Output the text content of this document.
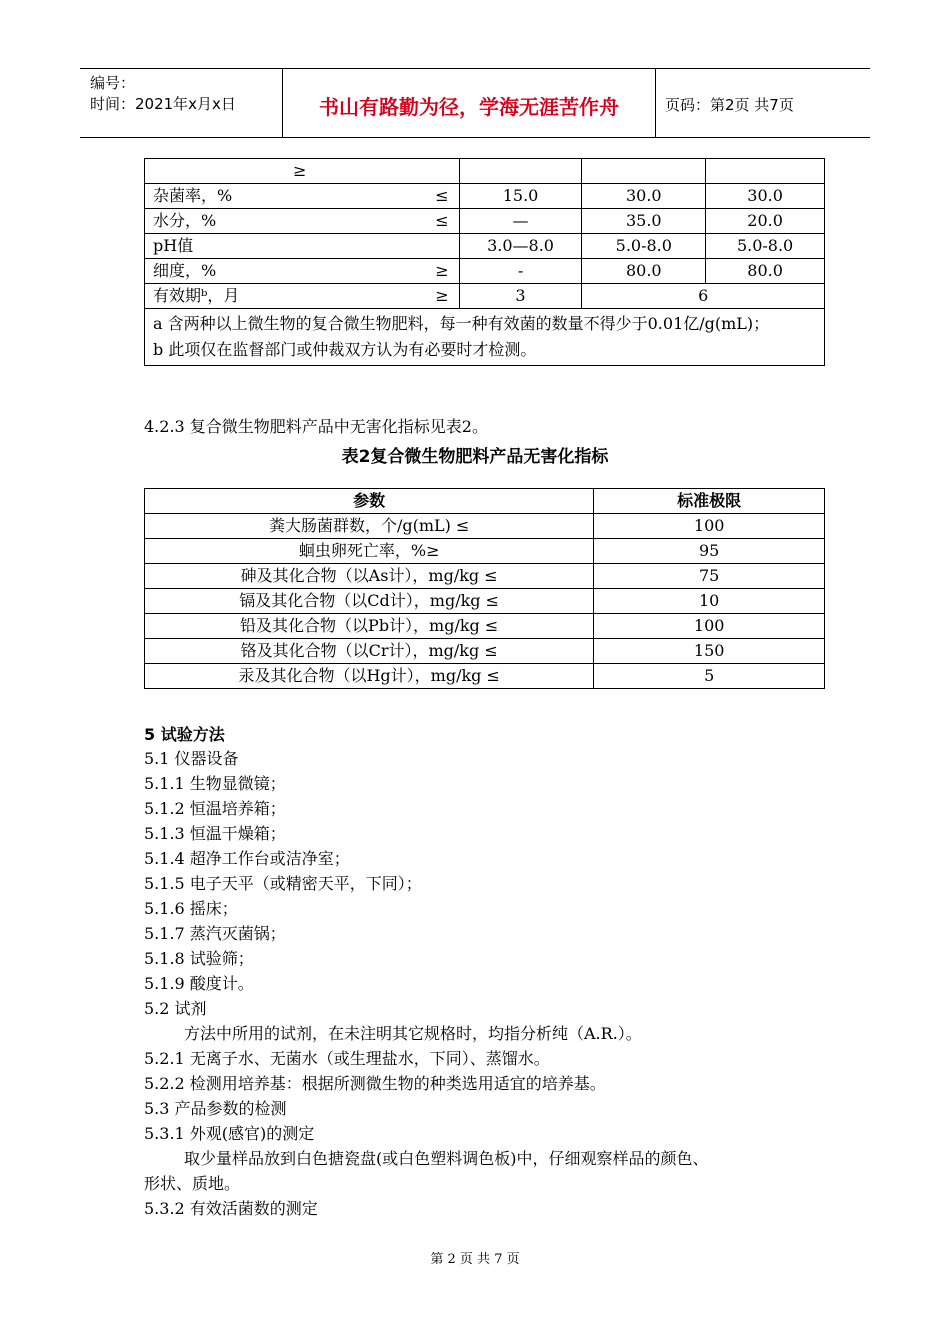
编号：
时间：2021年x月x日	书山有路勤为径，学海无涯苦作舟	页码：第2页 共7页
≥			
杂菌率，% ≤	15.0	30.0	30.0
水分，% ≤	—	35.0	20.0
pH值	3.0—8.0	5.0-8.0	5.0-8.0
细度，% ≥	-	80.0	80.0
有效期ᵇ，月 ≥	3	6	

a 含两种以上微生物的复合微生物肥料，每一种有效菌的数量不得少于0.01亿/g(mL)；
b 此项仅在监督部门或仲裁双方认为有必要时才检测。			
4.2.3 复合微生物肥料产品中无害化指标见表2。
表2复合微生物肥料产品无害化指标
参数	标准极限
粪大肠菌群数，个/g(mL) ≤	100
蛔虫卵死亡率，%≥	95
砷及其化合物（以As计），mg/kg ≤	75
镉及其化合物（以Cd计），mg/kg ≤	10
铅及其化合物（以Pb计），mg/kg ≤	100
铬及其化合物（以Cr计），mg/kg ≤	150
汞及其化合物（以Hg计），mg/kg ≤	5
5 试验方法
5.1 仪器设备
5.1.1 生物显微镜；
5.1.2 恒温培养箱；
5.1.3 恒温干燥箱；
5.1.4 超净工作台或洁净室；
5.1.5 电子天平（或精密天平，下同）；
5.1.6 摇床；
5.1.7 蒸汽灭菌锅；
5.1.8 试验筛；
5.1.9 酸度计。
5.2 试剂
方法中所用的试剂，在未注明其它规格时，均指分析纯（A.R.）。
5.2.1 无离子水、无菌水（或生理盐水，下同）、蒸馏水。
5.2.2 检测用培养基：根据所测微生物的种类选用适宜的培养基。
5.3 产品参数的检测
5.3.1 外观(感官)的测定
取少量样品放到白色搪瓷盘(或白色塑料调色板)中，仔细观察样品的颜色、
形状、质地。
5.3.2 有效活菌数的测定
第 2 页 共 7 页
